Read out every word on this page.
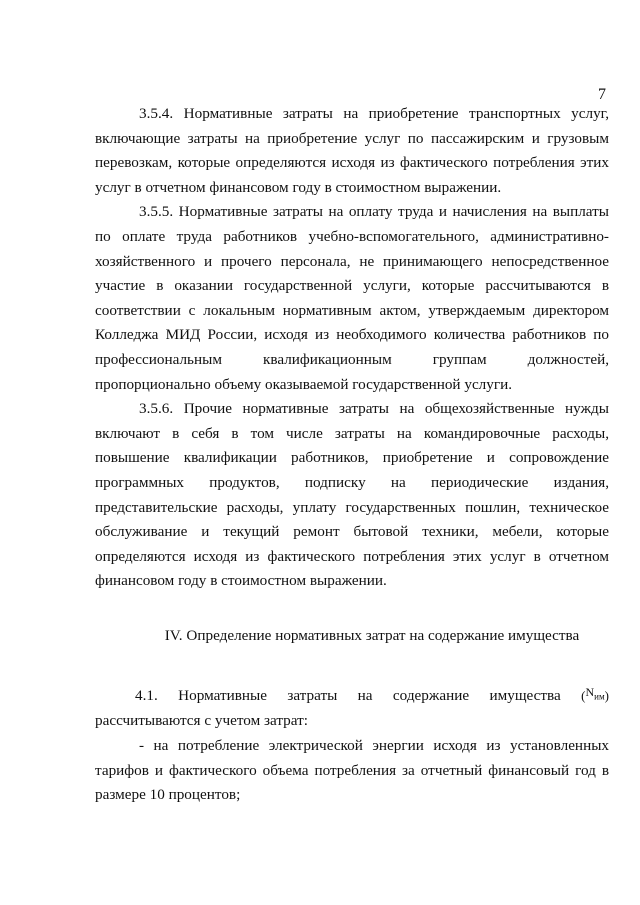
7

3.5.4. Нормативные затраты на приобретение транспортных услуг, включающие затраты на приобретение услуг по пассажирским и грузовым перевозкам, которые определяются исходя из фактического потребления этих услуг в отчетном финансовом году в стоимостном выражении.

3.5.5. Нормативные затраты на оплату труда и начисления на выплаты по оплате труда работников учебно-вспомогательного, административно-хозяйственного и прочего персонала, не принимающего непосредственное участие в оказании государственной услуги, которые рассчитываются в соответствии с локальным нормативным актом, утверждаемым директором Колледжа МИД России, исходя из необходимого количества работников по профессиональным квалификационным группам должностей, пропорционально объему оказываемой государственной услуги.

3.5.6. Прочие нормативные затраты на общехозяйственные нужды включают в себя в том числе затраты на командировочные расходы, повышение квалификации работников, приобретение и сопровождение программных продуктов, подписку на периодические издания, представительские расходы, уплату государственных пошлин, техническое обслуживание и текущий ремонт бытовой техники, мебели, которые определяются исходя из фактического потребления этих услуг в отчетном финансовом году в стоимостном выражении.

IV. Определение нормативных затрат на содержание имущества

4.1. Нормативные затраты на содержание имущества ($^{N_{им}}$)

рассчитываются с учетом затрат:

- на потребление электрической энергии исходя из установленных тарифов и фактического объема потребления за отчетный финансовый год в размере 10 процентов;
